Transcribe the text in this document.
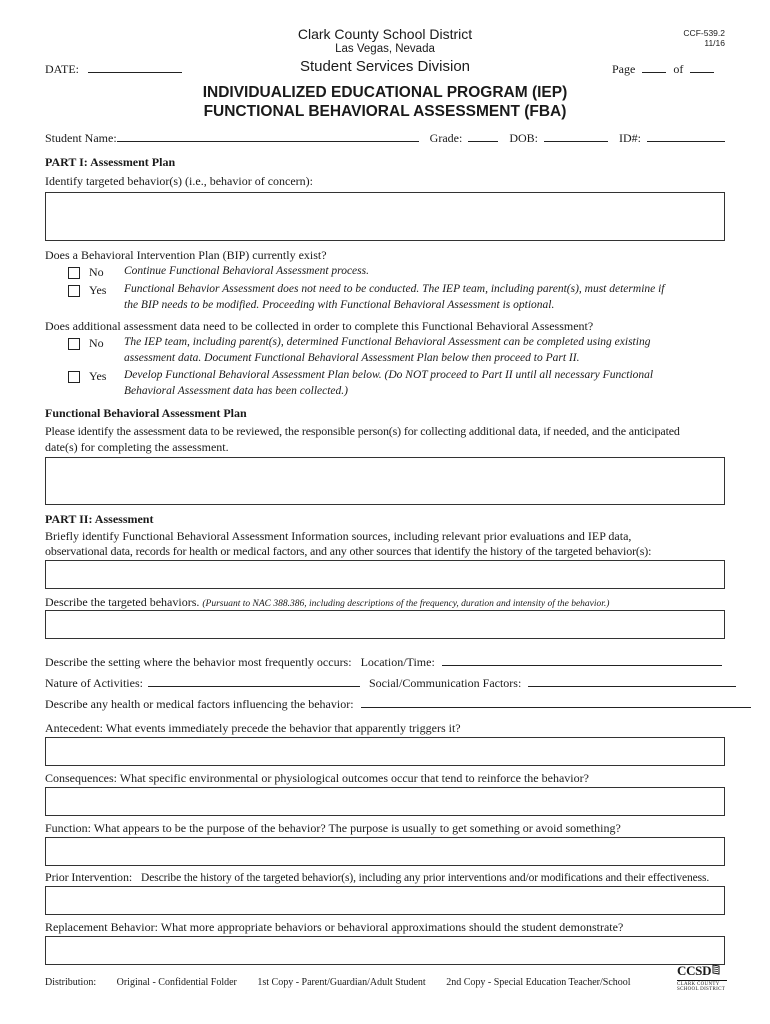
Clark County School District
Las Vegas, Nevada
Student Services Division
CCF-539.2
11/16
DATE:	Page	of
INDIVIDUALIZED EDUCATIONAL PROGRAM (IEP)
FUNCTIONAL BEHAVIORAL ASSESSMENT (FBA)
Student Name:	Grade:	DOB:	ID#:
PART I: Assessment Plan
Identify targeted behavior(s) (i.e., behavior of concern):
Does a Behavioral Intervention Plan (BIP) currently exist?
No Continue Functional Behavioral Assessment process.
Yes Functional Behavior Assessment does not need to be conducted. The IEP team, including parent(s), must determine if
the BIP needs to be modified. Proceeding with Functional Behavioral Assessment is optional.
Does additional assessment data need to be collected in order to complete this Functional Behavioral Assessment?
No The IEP team, including parent(s), determined Functional Behavioral Assessment can be completed using existing
assessment data. Document Functional Behavioral Assessment Plan below then proceed to Part II.
Yes Develop Functional Behavioral Assessment Plan below. (Do NOT proceed to Part II until all necessary Functional
Behavioral Assessment data has been collected.)
Functional Behavioral Assessment Plan
Please identify the assessment data to be reviewed, the responsible person(s) for collecting additional data, if needed, and the anticipated
date(s) for completing the assessment.
PART II: Assessment
Briefly identify Functional Behavioral Assessment Information sources, including relevant prior evaluations and IEP data,
observational data, records for health or medical factors, and any other sources that identify the history of the targeted behavior(s):
Describe the targeted behaviors. (Pursuant to NAC 388.386, including descriptions of the frequency, duration and intensity of the behavior.)
Describe the setting where the behavior most frequently occurs: Location/Time:
Nature of Activities:	Social/Communication Factors:
Describe any health or medical factors influencing the behavior:
Antecedent: What events immediately precede the behavior that apparently triggers it?
Consequences: What specific environmental or physiological outcomes occur that tend to reinforce the behavior?
Function: What appears to be the purpose of the behavior? The purpose is usually to get something or avoid something?
Prior Intervention: Describe the history of the targeted behavior(s), including any prior interventions and/or modifications and their effectiveness.
Replacement Behavior: What more appropriate behaviors or behavioral approximations should the student demonstrate?
Distribution: Original - Confidential Folder 1st Copy - Parent/Guardian/Adult Student 2nd Copy - Special Education Teacher/School
CCSD
CLARK COUNTY
SCHOOL DISTRICT
